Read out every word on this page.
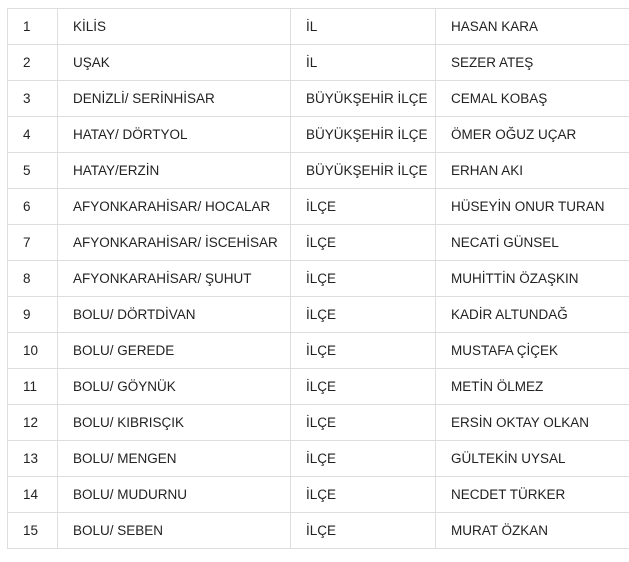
1	KİLİS	İL	HASAN KARA
2	UŞAK	İL	SEZER ATEŞ
3	DENİZLİ/ SERİNHİSAR	BÜYÜKŞEHİR İLÇE	CEMAL KOBAŞ
4	HATAY/ DÖRTYOL	BÜYÜKŞEHİR İLÇE	ÖMER OĞUZ UÇAR
5	HATAY/ERZİN	BÜYÜKŞEHİR İLÇE	ERHAN AKI
6	AFYONKARAHİSAR/ HOCALAR	İLÇE	HÜSEYİN ONUR TURAN
7	AFYONKARAHİSAR/ İSCEHİSAR	İLÇE	NECATİ GÜNSEL
8	AFYONKARAHİSAR/ ŞUHUT	İLÇE	MUHİTTİN ÖZAŞKIN
9	BOLU/ DÖRTDİVAN	İLÇE	KADİR ALTUNDAĞ
10	BOLU/ GEREDE	İLÇE	MUSTAFA ÇİÇEK
11	BOLU/ GÖYNÜK	İLÇE	METİN ÖLMEZ
12	BOLU/ KIBRISÇIK	İLÇE	ERSİN OKTAY OLKAN
13	BOLU/ MENGEN	İLÇE	GÜLTEKİN UYSAL
14	BOLU/ MUDURNU	İLÇE	NECDET TÜRKER
15	BOLU/ SEBEN	İLÇE	MURAT ÖZKAN
